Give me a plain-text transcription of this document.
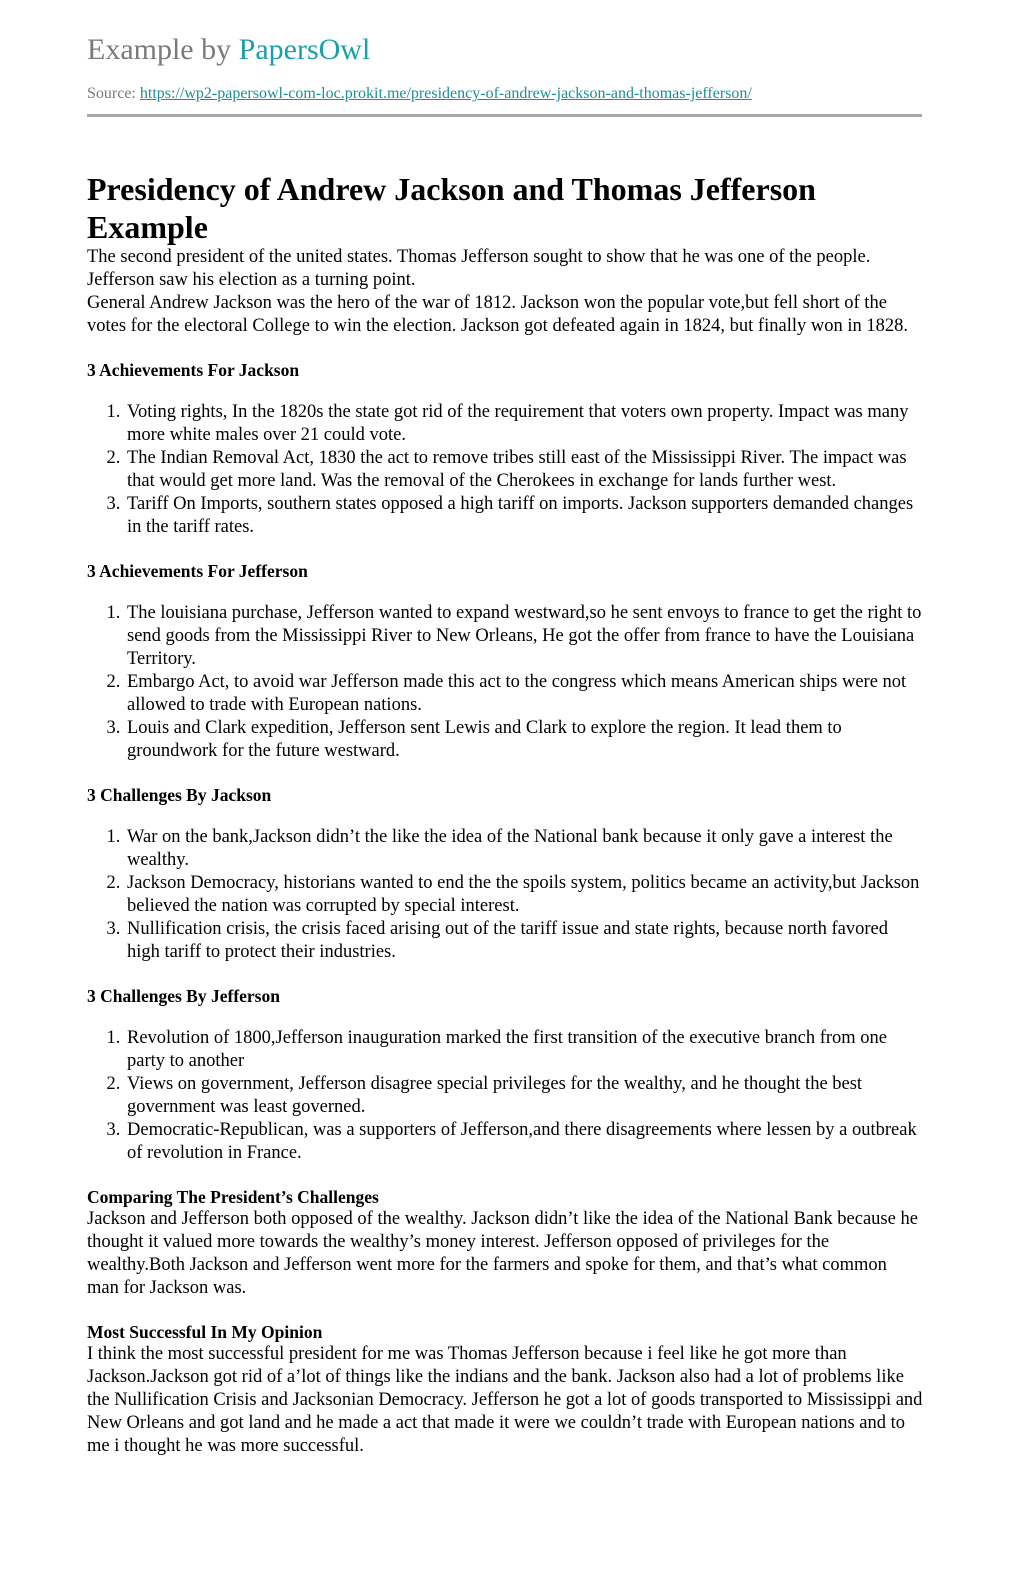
Example by PapersOwl
Source: https://wp2-papersowl-com-loc.prokit.me/presidency-of-andrew-jackson-and-thomas-jefferson/
Presidency of Andrew Jackson and Thomas Jefferson Example

The second president of the united states. Thomas Jefferson sought to show that he was one of the people. Jefferson saw his election as a turning point.

General Andrew Jackson was the hero of the war of 1812. Jackson won the popular vote,but fell short of the votes for the electoral College to win the election. Jackson got defeated again in 1824, but finally won in 1828.

3 Achievements For Jackson
1. Voting rights, In the 1820s the state got rid of the requirement that voters own property. Impact was many more white males over 21 could vote.
2. The Indian Removal Act, 1830 the act to remove tribes still east of the Mississippi River. The impact was that would get more land. Was the removal of the Cherokees in exchange for lands further west.
3. Tariff On Imports, southern states opposed a high tariff on imports. Jackson supporters demanded changes in the tariff rates.
3 Achievements For Jefferson
1. The louisiana purchase, Jefferson wanted to expand westward,so he sent envoys to france to get the right to send goods from the Mississippi River to New Orleans, He got the offer from france to have the Louisiana Territory.
2. Embargo Act, to avoid war Jefferson made this act to the congress which means American ships were not allowed to trade with European nations.
3. Louis and Clark expedition, Jefferson sent Lewis and Clark to explore the region. It lead them to groundwork for the future westward.
3 Challenges By Jackson
1. War on the bank,Jackson didn’t the like the idea of the National bank because it only gave a interest the wealthy.
2. Jackson Democracy, historians wanted to end the the spoils system, politics became an activity,but Jackson believed the nation was corrupted by special interest.
3. Nullification crisis, the crisis faced arising out of the tariff issue and state rights, because north favored high tariff to protect their industries.
3 Challenges By Jefferson
1. Revolution of 1800,Jefferson inauguration marked the first transition of the executive branch from one party to another
2. Views on government, Jefferson disagree special privileges for the wealthy, and he thought the best government was least governed.
3. Democratic-Republican, was a supporters of Jefferson,and there disagreements where lessen by a outbreak of revolution in France.
Comparing The President’s Challenges

Jackson and Jefferson both opposed of the wealthy. Jackson didn’t like the idea of the National Bank because he thought it valued more towards the wealthy’s money interest. Jefferson opposed of privileges for the wealthy.Both Jackson and Jefferson went more for the farmers and spoke for them, and that’s what common man for Jackson was.

Most Successful In My Opinion

I think the most successful president for me was Thomas Jefferson because i feel like he got more than Jackson.Jackson got rid of a’lot of things like the indians and the bank. Jackson also had a lot of problems like the Nullification Crisis and Jacksonian Democracy. Jefferson he got a lot of goods transported to Mississippi and New Orleans and got land and he made a act that made it were we couldn’t trade with European nations and to me i thought he was more successful.
